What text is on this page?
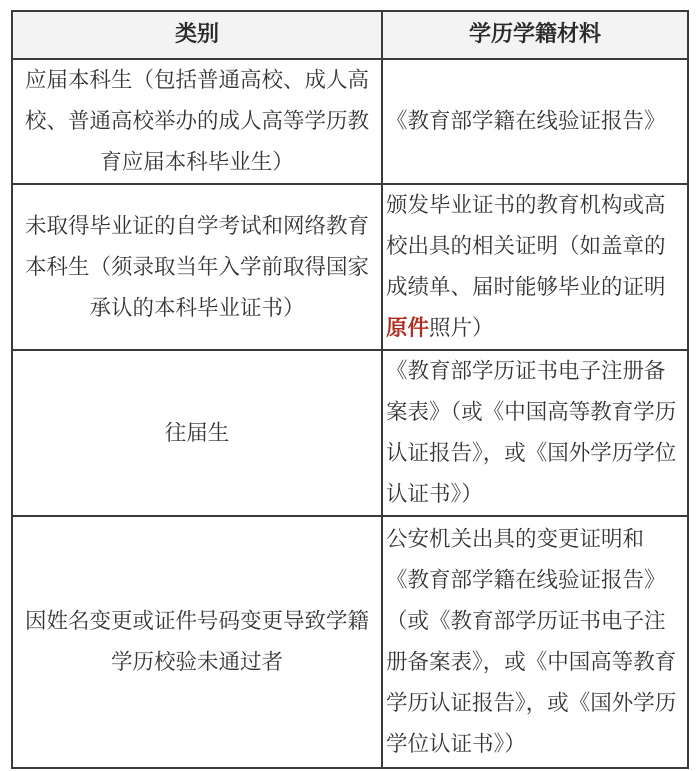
类别	学历学籍材料
应届本科生（包括普通高校、成人高校、普通高校举办的成人高等学历教育应届本科毕业生）	《教育部学籍在线验证报告》
未取得毕业证的自学考试和网络教育本科生（须录取当年入学前取得国家承认的本科毕业证书）	颁发毕业证书的教育机构或高校出具的相关证明（如盖章的成绩单、届时能够毕业的证明原件照片）
往届生	《教育部学历证书电子注册备案表》（或《中国高等教育学历认证报告》，或《国外学历学位认证书》）
因姓名变更或证件号码变更导致学籍学历校验未通过者	公安机关出具的变更证明和《教育部学籍在线验证报告》（或《教育部学历证书电子注册备案表》，或《中国高等教育学历认证报告》，或《国外学历学位认证书》）
